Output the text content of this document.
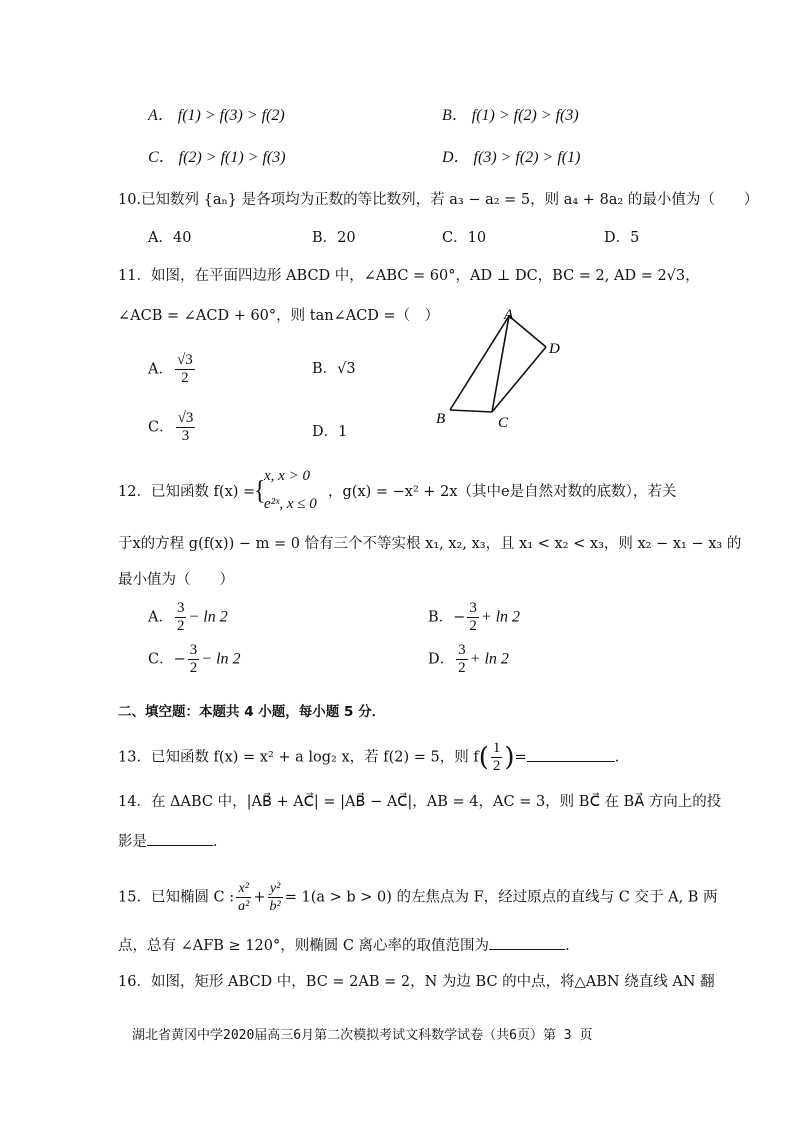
A． f(1) > f(3) > f(2)	B． f(1) > f(2) > f(3)
C． f(2) > f(1) > f(3)	D． f(3) > f(2) > f(1)
10.已知数列 {aₙ} 是各项均为正数的等比数列，若 a₃ − a₂ = 5，则 a₄ + 8a₂ 的最小值为（　　）
A．40	B．20	C．10	D．5
11．如图，在平面四边形 ABCD 中，∠ABC = 60°，AD ⊥ DC，BC = 2, AD = 2√3，
∠ACB = ∠ACD + 60°，则 tan∠ACD =（　）
A． $\frac{√3}{2}$	B．√3
C． $\frac{√3}{3}$	D．1
A
D
B	C
12．已知函数 f(x) =
{
x, x > 0
e²ˣ, x ≤ 0
，g(x) = −x² + 2x（其中e是自然对数的底数），若关
于x的方程 g(f(x)) − m = 0 恰有三个不等实根 x₁, x₂, x₃，且 x₁ < x₂ < x₃，则 x₂ − x₁ − x₃ 的
最小值为（　　）
A． $\frac{3}{2} - \ln 2$	B．− $\frac{3}{2} + \ln 2$
C．− $\frac{3}{2} - \ln 2$	D． $\frac{3}{2} + \ln 2$
二、填空题：本题共 4 小题，每小题 5 分．
13．已知函数 f(x) = x² + a log₂ x，若 f(2) = 5，则 $f( \frac{1}{2}$ )=	．
14．在 ΔABC 中，|AB⃗ + AC⃗| = |AB⃗ − AC⃗|，AB = 4，AC = 3，则 BC⃗ 在 BA⃗ 方向上的投
影是	．
15．已知椭圆 C : $\frac{\text{x²}}{\text{a²}} + \frac{\text{y²}}{\text{b²}} = 1(a > b > 0)$ 的左焦点为 F，经过原点的直线与 C 交于 A, B 两
点，总有 ∠AFB ≥ 120°，则椭圆 C 离心率的取值范围为	．
16．如图，矩形 ABCD 中，BC = 2AB = 2，N 为边 BC 的中点，将△ABN 绕直线 AN 翻
湖北省黄冈中学2020届高三6月第二次模拟考试文科数学试卷（共6页）第 3 页
